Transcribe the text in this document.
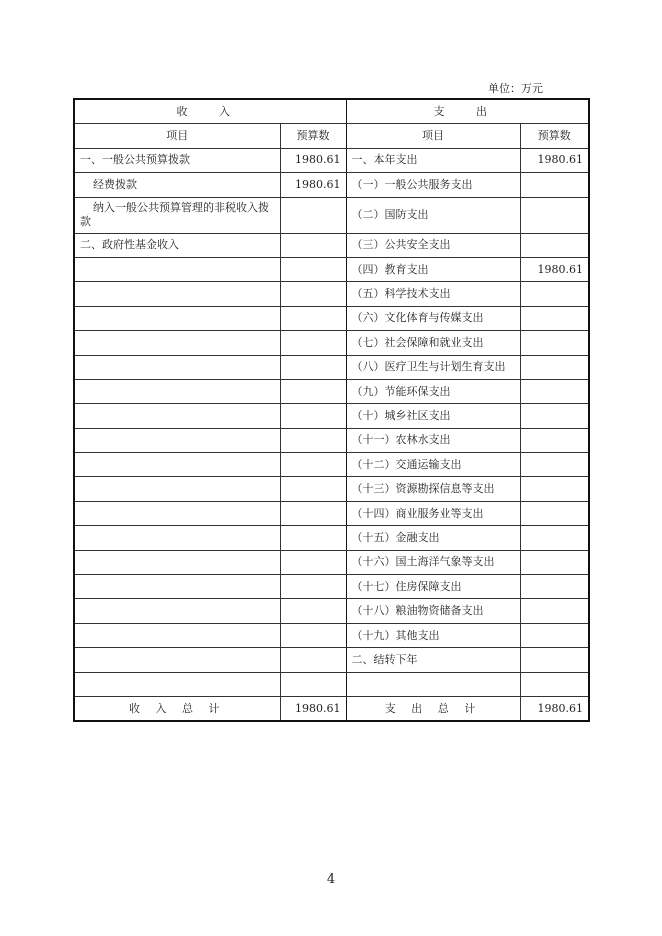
单位：万元
收 入		支 出	
项目	预算数	项目	预算数
一、一般公共预算拨款	1980.61	一、本年支出	1980.61
经费拨款	1980.61	（一）一般公共服务支出	
纳入一般公共预算管理的非税收入拨款		（二）国防支出	
二、政府性基金收入		（三）公共安全支出	
		（四）教育支出	1980.61
		（五）科学技术支出	
		（六）文化体育与传媒支出	
		（七）社会保障和就业支出	
		（八）医疗卫生与计划生育支出	
		（九）节能环保支出	
		（十）城乡社区支出	
		（十一）农林水支出	
		（十二）交通运输支出	
		（十三）资源勘探信息等支出	
		（十四）商业服务业等支出	
		（十五）金融支出	
		（十六）国土海洋气象等支出	
		（十七）住房保障支出	
		（十八）粮油物资储备支出	
		（十九）其他支出	
		二、结转下年	

收 入 总 计	1980.61	支 出 总 计	1980.61
4
